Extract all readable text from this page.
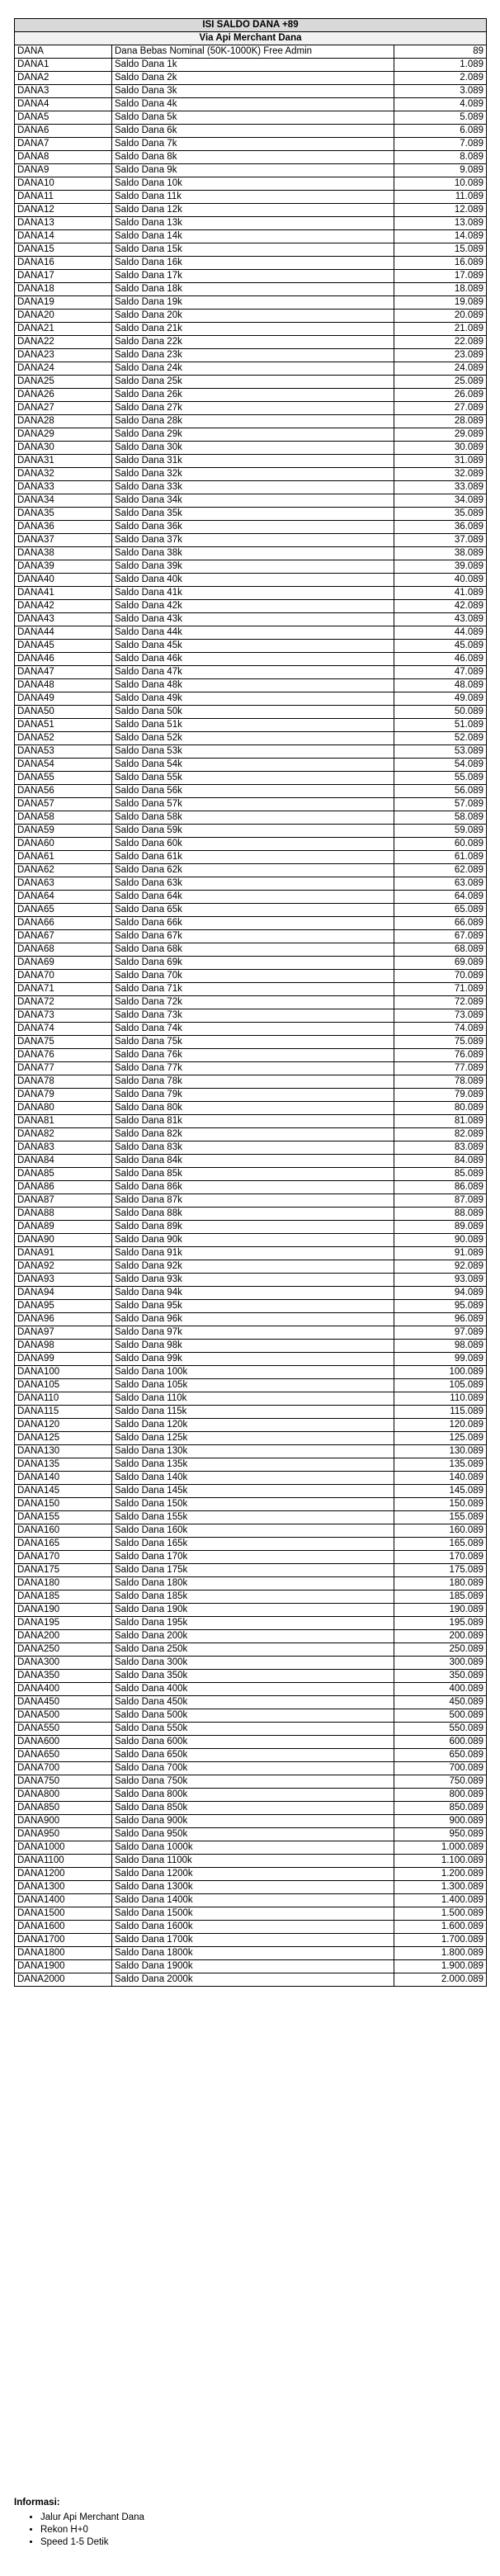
ISI SALDO DANA +89		
Via Api Merchant Dana		
DANA	Dana Bebas Nominal (50K-1000K) Free Admin	89
DANA1	Saldo Dana 1k	1.089
DANA2	Saldo Dana 2k	2.089
DANA3	Saldo Dana 3k	3.089
DANA4	Saldo Dana 4k	4.089
DANA5	Saldo Dana 5k	5.089
DANA6	Saldo Dana 6k	6.089
DANA7	Saldo Dana 7k	7.089
DANA8	Saldo Dana 8k	8.089
DANA9	Saldo Dana 9k	9.089
DANA10	Saldo Dana 10k	10.089
DANA11	Saldo Dana 11k	11.089
DANA12	Saldo Dana 12k	12.089
DANA13	Saldo Dana 13k	13.089
DANA14	Saldo Dana 14k	14.089
DANA15	Saldo Dana 15k	15.089
DANA16	Saldo Dana 16k	16.089
DANA17	Saldo Dana 17k	17.089
DANA18	Saldo Dana 18k	18.089
DANA19	Saldo Dana 19k	19.089
DANA20	Saldo Dana 20k	20.089
DANA21	Saldo Dana 21k	21.089
DANA22	Saldo Dana 22k	22.089
DANA23	Saldo Dana 23k	23.089
DANA24	Saldo Dana 24k	24.089
DANA25	Saldo Dana 25k	25.089
DANA26	Saldo Dana 26k	26.089
DANA27	Saldo Dana 27k	27.089
DANA28	Saldo Dana 28k	28.089
DANA29	Saldo Dana 29k	29.089
DANA30	Saldo Dana 30k	30.089
DANA31	Saldo Dana 31k	31.089
DANA32	Saldo Dana 32k	32.089
DANA33	Saldo Dana 33k	33.089
DANA34	Saldo Dana 34k	34.089
DANA35	Saldo Dana 35k	35.089
DANA36	Saldo Dana 36k	36.089
DANA37	Saldo Dana 37k	37.089
DANA38	Saldo Dana 38k	38.089
DANA39	Saldo Dana 39k	39.089
DANA40	Saldo Dana 40k	40.089
DANA41	Saldo Dana 41k	41.089
DANA42	Saldo Dana 42k	42.089
DANA43	Saldo Dana 43k	43.089
DANA44	Saldo Dana 44k	44.089
DANA45	Saldo Dana 45k	45.089
DANA46	Saldo Dana 46k	46.089
DANA47	Saldo Dana 47k	47.089
DANA48	Saldo Dana 48k	48.089
DANA49	Saldo Dana 49k	49.089
DANA50	Saldo Dana 50k	50.089
DANA51	Saldo Dana 51k	51.089
DANA52	Saldo Dana 52k	52.089
DANA53	Saldo Dana 53k	53.089
DANA54	Saldo Dana 54k	54.089
DANA55	Saldo Dana 55k	55.089
DANA56	Saldo Dana 56k	56.089
DANA57	Saldo Dana 57k	57.089
DANA58	Saldo Dana 58k	58.089
DANA59	Saldo Dana 59k	59.089
DANA60	Saldo Dana 60k	60.089
DANA61	Saldo Dana 61k	61.089
DANA62	Saldo Dana 62k	62.089
DANA63	Saldo Dana 63k	63.089
DANA64	Saldo Dana 64k	64.089
DANA65	Saldo Dana 65k	65.089
DANA66	Saldo Dana 66k	66.089
DANA67	Saldo Dana 67k	67.089
DANA68	Saldo Dana 68k	68.089
DANA69	Saldo Dana 69k	69.089
DANA70	Saldo Dana 70k	70.089
DANA71	Saldo Dana 71k	71.089
DANA72	Saldo Dana 72k	72.089
DANA73	Saldo Dana 73k	73.089
DANA74	Saldo Dana 74k	74.089
DANA75	Saldo Dana 75k	75.089
DANA76	Saldo Dana 76k	76.089
DANA77	Saldo Dana 77k	77.089
DANA78	Saldo Dana 78k	78.089
DANA79	Saldo Dana 79k	79.089
DANA80	Saldo Dana 80k	80.089
DANA81	Saldo Dana 81k	81.089
DANA82	Saldo Dana 82k	82.089
DANA83	Saldo Dana 83k	83.089
DANA84	Saldo Dana 84k	84.089
DANA85	Saldo Dana 85k	85.089
DANA86	Saldo Dana 86k	86.089
DANA87	Saldo Dana 87k	87.089
DANA88	Saldo Dana 88k	88.089
DANA89	Saldo Dana 89k	89.089
DANA90	Saldo Dana 90k	90.089
DANA91	Saldo Dana 91k	91.089
DANA92	Saldo Dana 92k	92.089
DANA93	Saldo Dana 93k	93.089
DANA94	Saldo Dana 94k	94.089
DANA95	Saldo Dana 95k	95.089
DANA96	Saldo Dana 96k	96.089
DANA97	Saldo Dana 97k	97.089
DANA98	Saldo Dana 98k	98.089
DANA99	Saldo Dana 99k	99.089
DANA100	Saldo Dana 100k	100.089
DANA105	Saldo Dana 105k	105.089
DANA110	Saldo Dana 110k	110.089
DANA115	Saldo Dana 115k	115.089
DANA120	Saldo Dana 120k	120.089
DANA125	Saldo Dana 125k	125.089
DANA130	Saldo Dana 130k	130.089
DANA135	Saldo Dana 135k	135.089
DANA140	Saldo Dana 140k	140.089
DANA145	Saldo Dana 145k	145.089
DANA150	Saldo Dana 150k	150.089
DANA155	Saldo Dana 155k	155.089
DANA160	Saldo Dana 160k	160.089
DANA165	Saldo Dana 165k	165.089
DANA170	Saldo Dana 170k	170.089
DANA175	Saldo Dana 175k	175.089
DANA180	Saldo Dana 180k	180.089
DANA185	Saldo Dana 185k	185.089
DANA190	Saldo Dana 190k	190.089
DANA195	Saldo Dana 195k	195.089
DANA200	Saldo Dana 200k	200.089
DANA250	Saldo Dana 250k	250.089
DANA300	Saldo Dana 300k	300.089
DANA350	Saldo Dana 350k	350.089
DANA400	Saldo Dana 400k	400.089
DANA450	Saldo Dana 450k	450.089
DANA500	Saldo Dana 500k	500.089
DANA550	Saldo Dana 550k	550.089
DANA600	Saldo Dana 600k	600.089
DANA650	Saldo Dana 650k	650.089
DANA700	Saldo Dana 700k	700.089
DANA750	Saldo Dana 750k	750.089
DANA800	Saldo Dana 800k	800.089
DANA850	Saldo Dana 850k	850.089
DANA900	Saldo Dana 900k	900.089
DANA950	Saldo Dana 950k	950.089
DANA1000	Saldo Dana 1000k	1.000.089
DANA1100	Saldo Dana 1100k	1.100.089
DANA1200	Saldo Dana 1200k	1.200.089
DANA1300	Saldo Dana 1300k	1.300.089
DANA1400	Saldo Dana 1400k	1.400.089
DANA1500	Saldo Dana 1500k	1.500.089
DANA1600	Saldo Dana 1600k	1.600.089
DANA1700	Saldo Dana 1700k	1.700.089
DANA1800	Saldo Dana 1800k	1.800.089
DANA1900	Saldo Dana 1900k	1.900.089
DANA2000	Saldo Dana 2000k	2.000.089
Informasi:
• Jalur Api Merchant Dana
• Rekon H+0
• Speed 1-5 Detik
